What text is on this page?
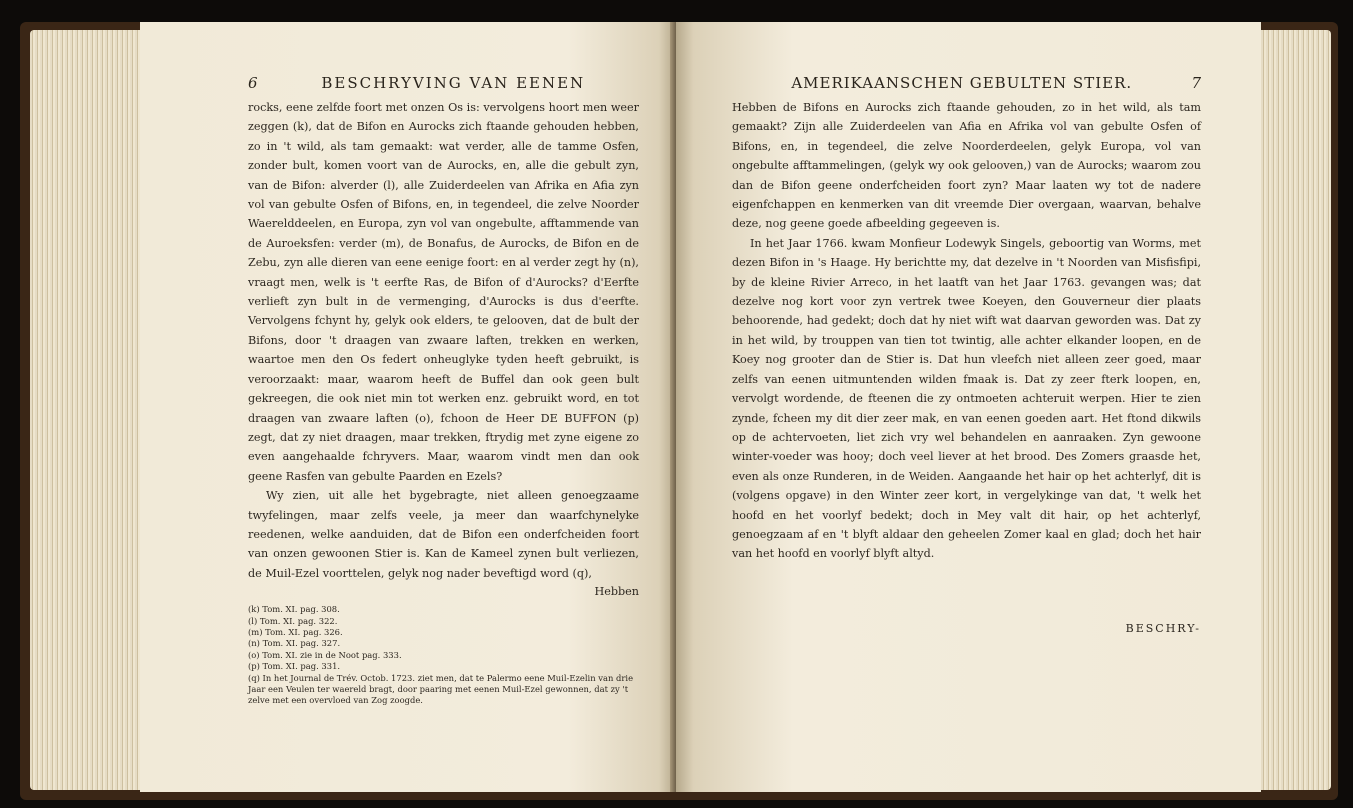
6	BESCHRYVING VAN EENEN

rocks, eene zelfde foort met onzen Os is: vervolgens hoort men weer zeggen (k), dat de Bifon en Aurocks zich ftaande gehouden hebben, zo in 't wild, als tam gemaakt: wat verder, alle de tamme Osfen, zonder bult, komen voort van de Aurocks, en, alle die gebult zyn, van de Bifon: alverder (l), alle Zuiderdeelen van Afrika en Afia zyn vol van gebulte Osfen of Bifons, en, in tegendeel, die zelve Noorder Waerelddeelen, en Europa, zyn vol van ongebulte, afftammende van de Auroeksfen: verder (m), de Bonafus, de Aurocks, de Bifon en de Zebu, zyn alle dieren van eene eenige foort: en al verder zegt hy (n), vraagt men, welk is 't eerfte Ras, de Bifon of d'Aurocks? d'Eerfte verlieft zyn bult in de vermenging, d'Aurocks is dus d'eerfte. Vervolgens fchynt hy, gelyk ook elders, te gelooven, dat de bult der Bifons, door 't draagen van zwaare laften, trekken en werken, waartoe men den Os federt onheuglyke tyden heeft gebruikt, is veroorzaakt: maar, waarom heeft de Buffel dan ook geen bult gekreegen, die ook niet min tot werken enz. gebruikt word, en tot draagen van zwaare laften (o), fchoon de Heer DE BUFFON (p) zegt, dat zy niet draagen, maar trekken, ftrydig met zyne eigene zo even aangehaalde fchryvers. Maar, waarom vindt men dan ook geene Rasfen van gebulte Paarden en Ezels?

Wy zien, uit alle het bygebragte, niet alleen genoegzaame twyfelingen, maar zelfs veele, ja meer dan waarfchynelyke reedenen, welke aanduiden, dat de Bifon een onderfcheiden foort van onzen gewoonen Stier is. Kan de Kameel zynen bult verliezen, de Muil-Ezel voorttelen, gelyk nog nader beveftigd word (q),

Hebben
(k) Tom. XI. pag. 308.
(l) Tom. XI. pag. 322.
(m) Tom. XI. pag. 326.
(n) Tom. XI. pag. 327.
(o) Tom. XI. zie in de Noot pag. 333.
(p) Tom. XI. pag. 331.
(q) In het Journal de Trév. Octob. 1723. ziet men, dat te Palermo eene Muil-Ezelin van drie Jaar een Veulen ter waereld bragt, door paaring met eenen Muil-Ezel gewonnen, dat zy 't zelve met een overvloed van Zog zoogde.
AMERIKAANSCHEN GEBULTEN STIER.	7

Hebben de Bifons en Aurocks zich ftaande gehouden, zo in het wild, als tam gemaakt? Zijn alle Zuiderdeelen van Afia en Afrika vol van gebulte Osfen of Bifons, en, in tegendeel, die zelve Noorderdeelen, gelyk Europa, vol van ongebulte afftammelingen, (gelyk wy ook gelooven,) van de Aurocks; waarom zou dan de Bifon geene onderfcheiden foort zyn? Maar laaten wy tot de nadere eigenfchappen en kenmerken van dit vreemde Dier overgaan, waarvan, behalve deze, nog geene goede afbeelding gegeeven is.

In het Jaar 1766. kwam Monfieur Lodewyk Singels, geboortig van Worms, met dezen Bifon in 's Haage. Hy berichtte my, dat dezelve in 't Noorden van Misfisfipi, by de kleine Rivier Arreco, in het laatft van het Jaar 1763. gevangen was; dat dezelve nog kort voor zyn vertrek twee Koeyen, den Gouverneur dier plaats behoorende, had gedekt; doch dat hy niet wift wat daarvan geworden was. Dat zy in het wild, by trouppen van tien tot twintig, alle achter elkander loopen, en de Koey nog grooter dan de Stier is. Dat hun vleefch niet alleen zeer goed, maar zelfs van eenen uitmuntenden wilden fmaak is. Dat zy zeer fterk loopen, en, vervolgt wordende, de fteenen die zy ontmoeten achteruit werpen. Hier te zien zynde, fcheen my dit dier zeer mak, en van eenen goeden aart. Het ftond dikwils op de achtervoeten, liet zich vry wel behandelen en aanraaken. Zyn gewoone winter-voeder was hooy; doch veel liever at het brood. Des Zomers graasde het, even als onze Runderen, in de Weiden. Aangaande het hair op het achterlyf, dit is (volgens opgave) in den Winter zeer kort, in vergelykinge van dat, 't welk het hoofd en het voorlyf bedekt; doch in Mey valt dit hair, op het achterlyf, genoegzaam af en 't blyft aldaar den geheelen Zomer kaal en glad; doch het hair van het hoofd en voorlyf blyft altyd.

BESCHRY-
